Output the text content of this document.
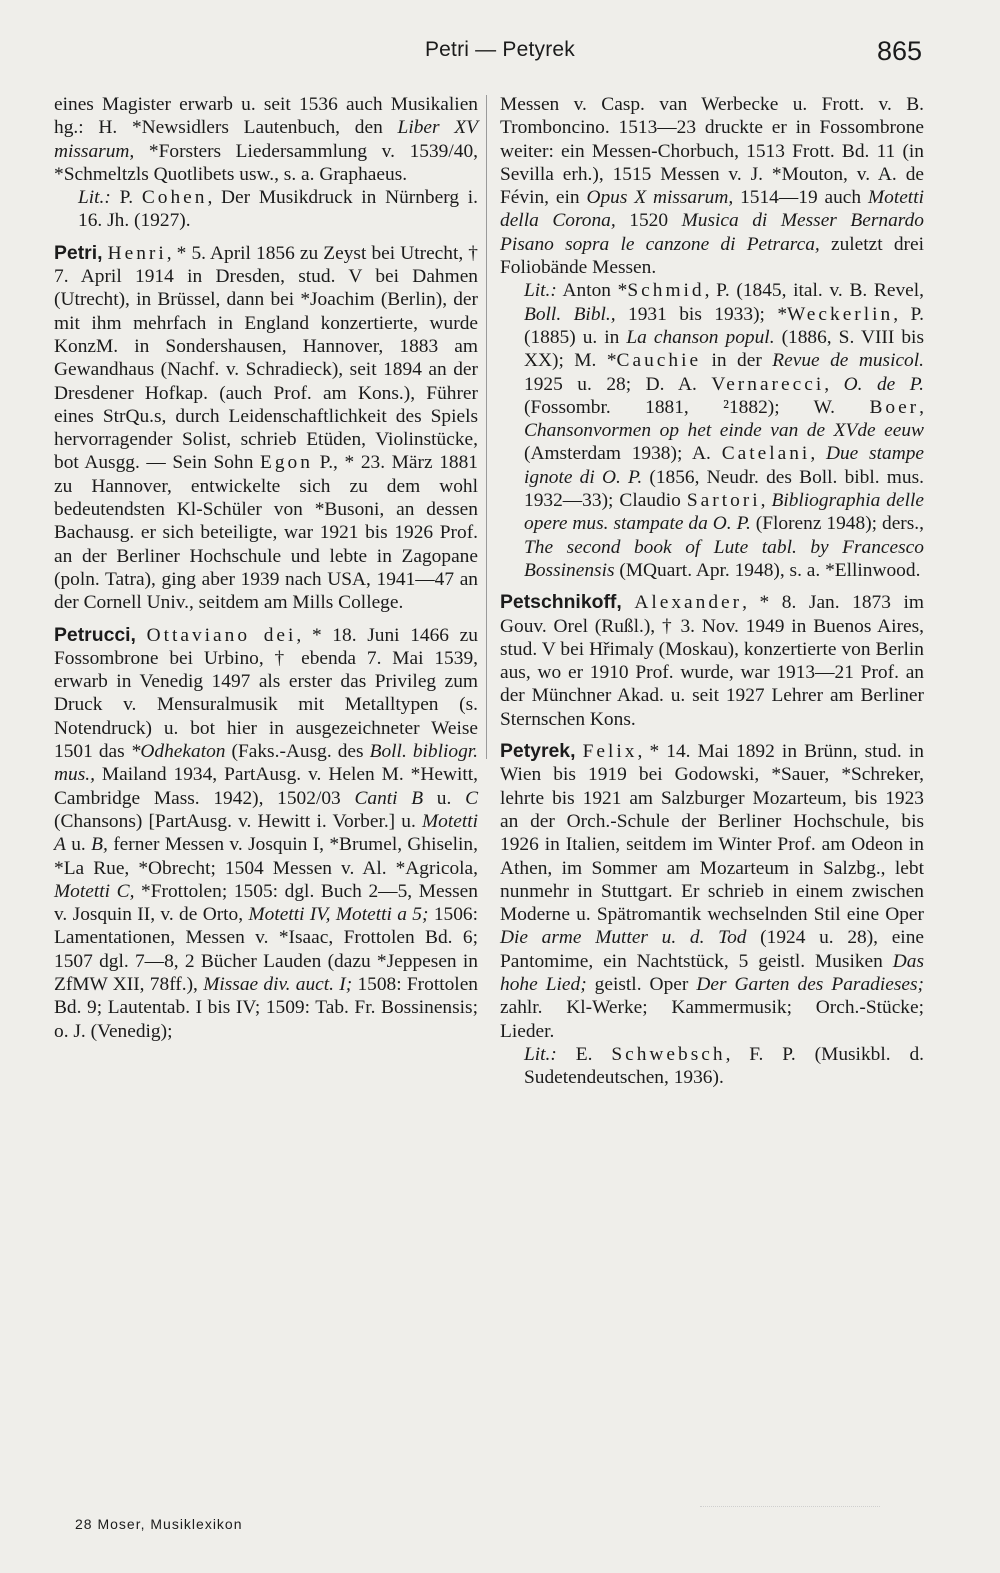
Petri — Petyrek	865

eines Magister erwarb u. seit 1536 auch Musikalien hg.: H. *Newsidlers Lautenbuch, den Liber XV missarum, *Forsters Liedersammlung v. 1539/40, *Schmeltzls Quotlibets usw., s. a. Graphaeus.

Lit.: P. Cohen, Der Musikdruck in Nürnberg i. 16. Jh. (1927).

Petri, Henri, * 5. April 1856 zu Zeyst bei Utrecht, † 7. April 1914 in Dresden, stud. V bei Dahmen (Utrecht), in Brüssel, dann bei *Joachim (Berlin), der mit ihm mehrfach in England konzertierte, wurde KonzM. in Sondershausen, Hannover, 1883 am Gewandhaus (Nachf. v. Schradieck), seit 1894 an der Dresdener Hofkap. (auch Prof. am Kons.), Führer eines StrQu.s, durch Leidenschaftlichkeit des Spiels hervorragender Solist, schrieb Etüden, Violinstücke, bot Ausgg. — Sein Sohn Egon P., * 23. März 1881 zu Hannover, entwickelte sich zu dem wohl bedeutendsten Kl-Schüler von *Busoni, an dessen Bachausg. er sich beteiligte, war 1921 bis 1926 Prof. an der Berliner Hochschule und lebte in Zagopane (poln. Tatra), ging aber 1939 nach USA, 1941—47 an der Cornell Univ., seitdem am Mills College.

Petrucci, Ottaviano dei, * 18. Juni 1466 zu Fossombrone bei Urbino, † ebenda 7. Mai 1539, erwarb in Venedig 1497 als erster das Privileg zum Druck v. Mensuralmusik mit Metalltypen (s. Notendruck) u. bot hier in ausgezeichneter Weise 1501 das *Odhekaton (Faks.-Ausg. des Boll. bibliogr. mus., Mailand 1934, PartAusg. v. Helen M. *Hewitt, Cambridge Mass. 1942), 1502/03 Canti B u. C (Chansons) [PartAusg. v. Hewitt i. Vorber.] u. Motetti A u. B, ferner Messen v. Josquin I, *Brumel, Ghiselin, *La Rue, *Obrecht; 1504 Messen v. Al. *Agricola, Motetti C, *Frottolen; 1505: dgl. Buch 2—5, Messen v. Josquin II, v. de Orto, Motetti IV, Motetti a 5; 1506: Lamentationen, Messen v. *Isaac, Frottolen Bd. 6; 1507 dgl. 7—8, 2 Bücher Lauden (dazu *Jeppesen in ZfMW XII, 78ff.), Missae div. auct. I; 1508: Frottolen Bd. 9; Lautentab. I bis IV; 1509: Tab. Fr. Bossinensis; o. J. (Venedig);

Messen v. Casp. van Werbecke u. Frott. v. B. Tromboncino. 1513—23 druckte er in Fossombrone weiter: ein Messen-Chorbuch, 1513 Frott. Bd. 11 (in Sevilla erh.), 1515 Messen v. J. *Mouton, v. A. de Févin, ein Opus X missarum, 1514—19 auch Motetti della Corona, 1520 Musica di Messer Bernardo Pisano sopra le canzone di Petrarca, zuletzt drei Foliobände Messen.

Lit.: Anton *Schmid, P. (1845, ital. v. B. Revel, Boll. Bibl., 1931 bis 1933); *Weckerlin, P. (1885) u. in La chanson popul. (1886, S. VIII bis XX); M. *Cauchie in der Revue de musicol. 1925 u. 28; D. A. Vernarecci, O. de P. (Fossombr. 1881, ²1882); W. Boer, Chansonvormen op het einde van de XVde eeuw (Amsterdam 1938); A. Catelani, Due stampe ignote di O. P. (1856, Neudr. des Boll. bibl. mus. 1932—33); Claudio Sartori, Bibliographia delle opere mus. stampate da O. P. (Florenz 1948); ders., The second book of Lute tabl. by Francesco Bossinensis (MQuart. Apr. 1948), s. a. *Ellinwood.

Petschnikoff, Alexander, * 8. Jan. 1873 im Gouv. Orel (Rußl.), † 3. Nov. 1949 in Buenos Aires, stud. V bei Hřimaly (Moskau), konzertierte von Berlin aus, wo er 1910 Prof. wurde, war 1913—21 Prof. an der Münchner Akad. u. seit 1927 Lehrer am Berliner Sternschen Kons.

Petyrek, Felix, * 14. Mai 1892 in Brünn, stud. in Wien bis 1919 bei Godowski, *Sauer, *Schreker, lehrte bis 1921 am Salzburger Mozarteum, bis 1923 an der Orch.-Schule der Berliner Hochschule, bis 1926 in Italien, seitdem im Winter Prof. am Odeon in Athen, im Sommer am Mozarteum in Salzbg., lebt nunmehr in Stuttgart. Er schrieb in einem zwischen Moderne u. Spätromantik wechselnden Stil eine Oper Die arme Mutter u. d. Tod (1924 u. 28), eine Pantomime, ein Nachtstück, 5 geistl. Musiken Das hohe Lied; geistl. Oper Der Garten des Paradieses; zahlr. Kl-Werke; Kammermusik; Orch.-Stücke; Lieder.

Lit.: E. Schwebsch, F. P. (Musikbl. d. Sudetendeutschen, 1936).

28 Moser, Musiklexikon
